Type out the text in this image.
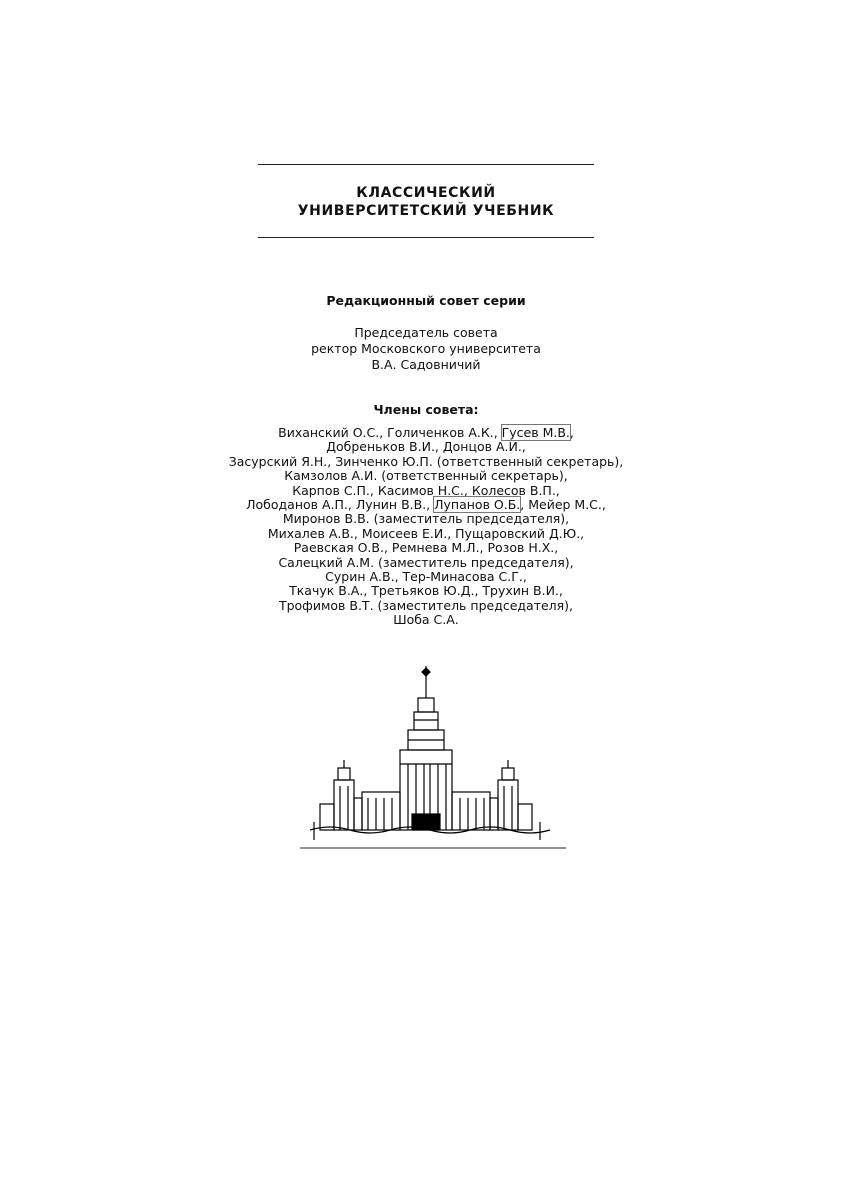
КЛАССИЧЕСКИЙ
УНИВЕРСИТЕТСКИЙ УЧЕБНИК
Редакционный совет серии
Председатель совета
ректор Московского университета
В.А. Садовничий
Члены совета:
Виханский О.С., Голиченков А.К., Гусев М.В.,
Добреньков В.И., Донцов А.И.,
Засурский Я.Н., Зинченко Ю.П. (ответственный секретарь),
Камзолов А.И. (ответственный секретарь),
Карпов С.П., Касимов Н.С., Колесов В.П.,
Лободанов А.П., Лунин В.В., Лупанов О.Б., Мейер М.С.,
Миронов В.В. (заместитель председателя),
Михалев А.В., Моисеев Е.И., Пущаровский Д.Ю.,
Раевская О.В., Ремнева М.Л., Розов Н.Х.,
Салецкий А.М. (заместитель председателя),
Сурин А.В., Тер-Минасова С.Г.,
Ткачук В.А., Третьяков Ю.Д., Трухин В.И.,
Трофимов В.Т. (заместитель председателя),
Шоба С.А.
